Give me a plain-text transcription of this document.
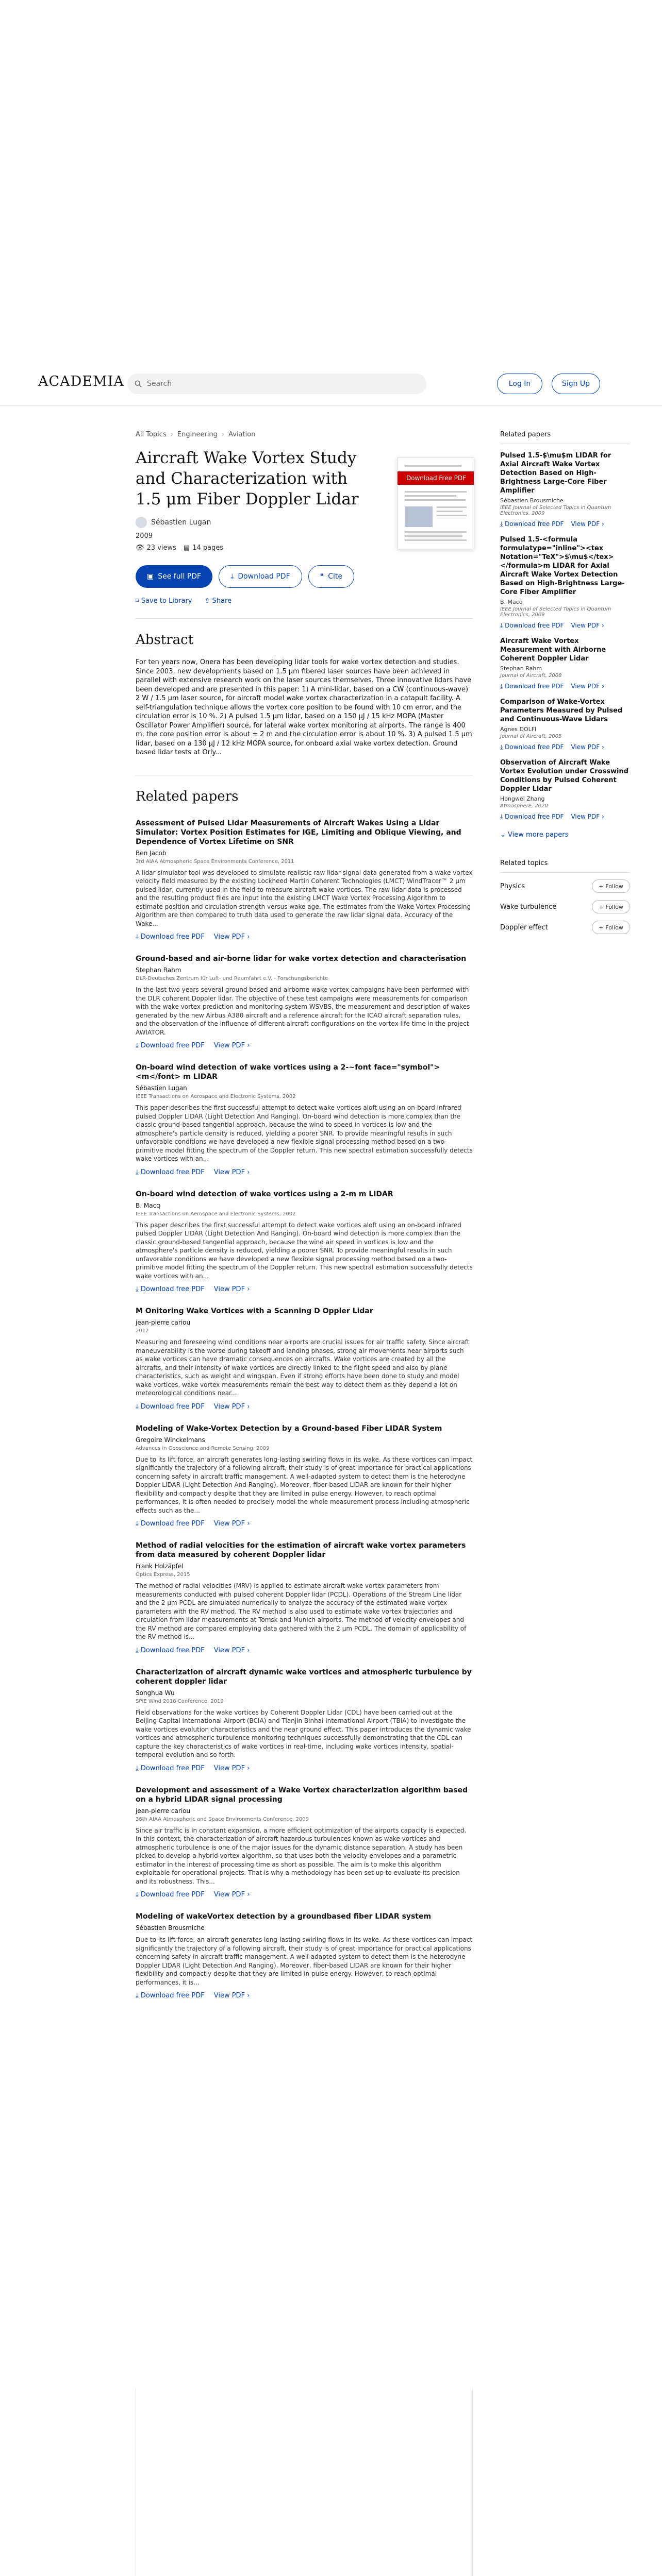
ACADEMIA	Search	Log In	Sign Up
All Topics › Engineering › Aviation
Aircraft Wake Vortex Study and Characterization with 1.5 μm Fiber Doppler Lidar
Sébastien Lugan
2009
👁 23 views ▤ 14 pages
Download Free PDF
▣ See full PDF	⤓ Download PDF	❝ Cite
⌑ Save to Library ⇪ Share
Abstract

For ten years now, Onera has been developing lidar tools for wake vortex detection and studies. Since 2003, new developments based on 1.5 μm fibered laser sources have been achieved in parallel with extensive research work on the laser sources themselves. Three innovative lidars have been developed and are presented in this paper: 1) A mini-lidar, based on a CW (continuous-wave) 2 W / 1.5 μm laser source, for aircraft model wake vortex characterization in a catapult facility. A self-triangulation technique allows the vortex core position to be found with 10 cm error, and the circulation error is 10 %. 2) A pulsed 1.5 μm lidar, based on a 150 μJ / 15 kHz MOPA (Master Oscillator Power Amplifier) source, for lateral wake vortex monitoring at airports. The range is 400 m, the core position error is about ± 2 m and the circulation error is about 10 %. 3) A pulsed 1.5 μm lidar, based on a 130 μJ / 12 kHz MOPA source, for onboard axial wake vortex detection. Ground based lidar tests at Orly...

Related papers
Assessment of Pulsed Lidar Measurements of Aircraft Wakes Using a Lidar Simulator: Vortex Position Estimates for IGE, Limiting and Oblique Viewing, and Dependence of Vortex Lifetime on SNR
Ben Jacob
3rd AIAA Atmospheric Space Environments Conference, 2011
A lidar simulator tool was developed to simulate realistic raw lidar signal data generated from a wake vortex velocity field measured by the existing Lockheed Martin Coherent Technologies (LMCT) WindTracer™ 2 μm pulsed lidar, currently used in the field to measure aircraft wake vortices. The raw lidar data is processed and the resulting product files are input into the existing LMCT Wake Vortex Processing Algorithm to estimate position and circulation strength versus wake age. The estimates from the Wake Vortex Processing Algorithm are then compared to truth data used to generate the raw lidar signal data. Accuracy of the Wake...
⤓ Download free PDF View PDF ›
Ground-based and air-borne lidar for wake vortex detection and characterisation
Stephan Rahm
DLR-Deutsches Zentrum für Luft- und Raumfahrt e.V. - Forschungsberichte
In the last two years several ground based and airborne wake vortex campaigns have been performed with the DLR coherent Doppler lidar. The objective of these test campaigns were measurements for comparison with the wake vortex prediction and monitoring system WSVBS, the measurement and description of wakes generated by the new Airbus A380 aircraft and a reference aircraft for the ICAO aircraft separation rules, and the observation of the influence of different aircraft configurations on the vortex life time in the project AWIATOR.
⤓ Download free PDF View PDF ›
On-board wind detection of wake vortices using a 2-~font face="symbol"><m</font> m LIDAR
Sébastien Lugan
IEEE Transactions on Aerospace and Electronic Systems, 2002
This paper describes the first successful attempt to detect wake vortices aloft using an on-board infrared pulsed Doppler LIDAR (Light Detection And Ranging). On-board wind detection is more complex than the classic ground-based tangential approach, because the wind to speed in vortices is low and the atmosphere's particle density is reduced, yielding a poorer SNR. To provide meaningful results in such unfavorable conditions we have developed a new flexible signal processing method based on a two-primitive model fitting the spectrum of the Doppler return. This new spectral estimation successfully detects wake vortices with an...
⤓ Download free PDF View PDF ›
On-board wind detection of wake vortices using a 2-m m LIDAR
B. Macq
IEEE Transactions on Aerospace and Electronic Systems, 2002
This paper describes the first successful attempt to detect wake vortices aloft using an on-board infrared pulsed Doppler LIDAR (Light Detection And Ranging). On-board wind detection is more complex than the classic ground-based tangential approach, because the wind air speed in vortices is low and the atmosphere's particle density is reduced, yielding a poorer SNR. To provide meaningful results in such unfavorable conditions we have developed a new flexible signal processing method based on a two-primitive model fitting the spectrum of the Doppler return. This new spectral estimation successfully detects wake vortices with an...
⤓ Download free PDF View PDF ›
M Onitoring Wake Vortices with a Scanning D Oppler Lidar
jean-pierre cariou
2012
Measuring and foreseeing wind conditions near airports are crucial issues for air traffic safety. Since aircraft maneuverability is the worse during takeoff and landing phases, strong air movements near airports such as wake vortices can have dramatic consequences on aircrafts. Wake vortices are created by all the aircrafts, and their intensity of wake vortices are directly linked to the flight speed and also by plane characteristics, such as weight and wingspan. Even if strong efforts have been done to study and model wake vortices, wake vortex measurements remain the best way to detect them as they depend a lot on meteorological conditions near...
⤓ Download free PDF View PDF ›
Modeling of Wake-Vortex Detection by a Ground-based Fiber LIDAR System
Gregoire Winckelmans
Advances in Geoscience and Remote Sensing, 2009
Due to its lift force, an aircraft generates long-lasting swirling flows in its wake. As these vortices can impact significantly the trajectory of a following aircraft, their study is of great importance for practical applications concerning safety in aircraft traffic management. A well-adapted system to detect them is the heterodyne Doppler LIDAR (Light Detection And Ranging). Moreover, fiber-based LIDAR are known for their higher flexibility and compactly despite that they are limited in pulse energy. However, to reach optimal performances, it is often needed to precisely model the whole measurement process including atmospheric effects such as the...
⤓ Download free PDF View PDF ›
Method of radial velocities for the estimation of aircraft wake vortex parameters from data measured by coherent Doppler lidar
Frank Holzäpfel
Optics Express, 2015
The method of radial velocities (MRV) is applied to estimate aircraft wake vortex parameters from measurements conducted with pulsed coherent Doppler lidar (PCDL). Operations of the Stream Line lidar and the 2 μm PCDL are simulated numerically to analyze the accuracy of the estimated wake vortex parameters with the RV method. The RV method is also used to estimate wake vortex trajectories and circulation from lidar measurements at Tomsk and Munich airports. The method of velocity envelopes and the RV method are compared employing data gathered with the 2 μm PCDL. The domain of applicability of the RV method is...
⤓ Download free PDF View PDF ›
Characterization of aircraft dynamic wake vortices and atmospheric turbulence by coherent doppler lidar
Songhua Wu
SPIE Wind 2018 Conference, 2019
Field observations for the wake vortices by Coherent Doppler Lidar (CDL) have been carried out at the Beijing Capital International Airport (BCIA) and Tianjin Binhai International Airport (TBIA) to investigate the wake vortices evolution characteristics and the near ground effect. This paper introduces the dynamic wake vortices and atmospheric turbulence monitoring techniques successfully demonstrating that the CDL can capture the key characteristics of wake vortices in real-time, including wake vortices intensity, spatial-temporal evolution and so forth.
⤓ Download free PDF View PDF ›
Development and assessment of a Wake Vortex characterization algorithm based on a hybrid LIDAR signal processing
jean-pierre cariou
36th AIAA Atmospheric and Space Environments Conference, 2009
Since air traffic is in constant expansion, a more efficient optimization of the airports capacity is expected. In this context, the characterization of aircraft hazardous turbulences known as wake vortices and atmospheric turbulence is one of the major issues for the dynamic distance separation. A study has been picked to develop a hybrid vortex algorithm, so that uses both the velocity envelopes and a parametric estimator in the interest of processing time as short as possible. The aim is to make this algorithm exploitable for operational projects. That is why a methodology has been set up to evaluate its precision and its robustness. This...
⤓ Download free PDF View PDF ›
Modeling of wakeVortex detection by a groundbased fiber LIDAR system
Sébastien Brousmiche
Due to its lift force, an aircraft generates long-lasting swirling flows in its wake. As these vortices can impact significantly the trajectory of a following aircraft, their study is of great importance for practical applications concerning safety in aircraft traffic management. A well-adapted system to detect them is the heterodyne Doppler LIDAR (Light Detection And Ranging). Moreover, fiber-based LIDAR are known for their higher flexibility and compactly despite that they are limited in pulse energy. However, to reach optimal performances, it is...
⤓ Download free PDF View PDF ›
Related papers
Pulsed 1.5-$\mu$m LIDAR for Axial Aircraft Wake Vortex Detection Based on High-Brightness Large-Core Fiber Amplifier
Sébastien Brousmiche
IEEE Journal of Selected Topics in Quantum Electronics, 2009
⤓ Download free PDF View PDF ›
Pulsed 1.5-<formula formulatype="inline"><tex Notation="TeX">$\mu$</tex></formula>m LIDAR for Axial Aircraft Wake Vortex Detection Based on High-Brightness Large-Core Fiber Amplifier
B. Macq
IEEE Journal of Selected Topics in Quantum Electronics, 2009
⤓ Download free PDF View PDF ›
Aircraft Wake Vortex Measurement with Airborne Coherent Doppler Lidar
Stephan Rahm
Journal of Aircraft, 2008
⤓ Download free PDF View PDF ›
Comparison of Wake-Vortex Parameters Measured by Pulsed and Continuous-Wave Lidars
Agnes DOLFI
Journal of Aircraft, 2005
⤓ Download free PDF View PDF ›
Observation of Aircraft Wake Vortex Evolution under Crosswind Conditions by Pulsed Coherent Doppler Lidar
Hongwei Zhang
Atmosphere, 2020
⤓ Download free PDF View PDF ›
⌄ View more papers
Related topics
Physics	+ Follow
Wake turbulence	+ Follow
Doppler effect	+ Follow
